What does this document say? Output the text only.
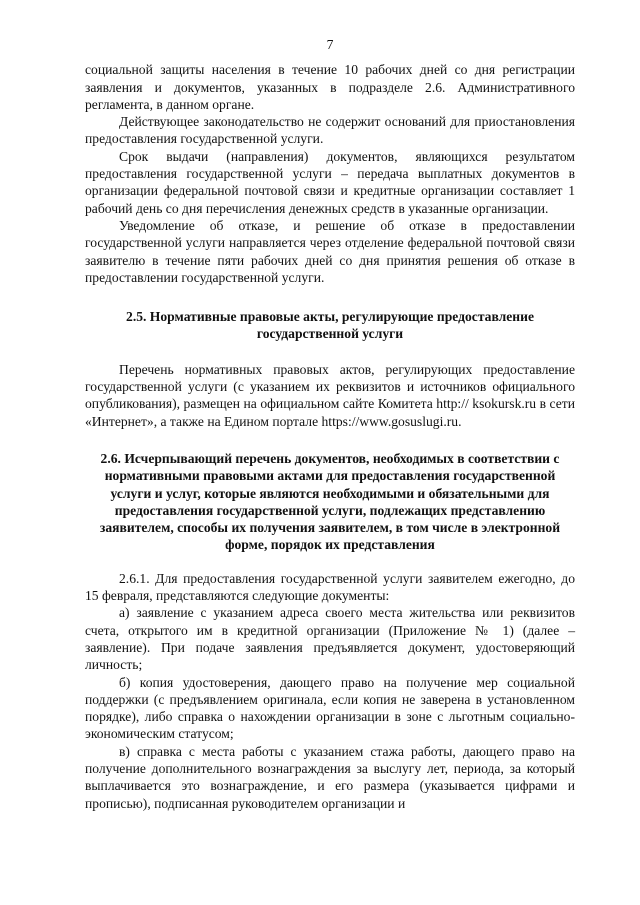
7

социальной защиты населения в течение 10 рабочих дней со дня регистрации заявления и документов, указанных в подразделе 2.6. Административного регламента, в данном органе.

Действующее законодательство не содержит оснований для приостановления предоставления государственной услуги.

Срок выдачи (направления) документов, являющихся результатом предоставления государственной услуги – передача выплатных документов в организации федеральной почтовой связи и кредитные организации составляет 1 рабочий день со дня перечисления денежных средств в указанные организации.

Уведомление об отказе, и решение об отказе в предоставлении государственной услуги направляется через отделение федеральной почтовой связи заявителю в течение пяти рабочих дней со дня принятия решения об отказе в предоставлении государственной услуги.

2.5. Нормативные правовые акты, регулирующие предоставление государственной услуги

Перечень нормативных правовых актов, регулирующих предоставление государственной услуги (с указанием их реквизитов и источников официального опубликования), размещен на официальном сайте Комитета http:// ksokursk.ru в сети «Интернет», а также на Едином портале https://www.gosuslugi.ru.

2.6. Исчерпывающий перечень документов, необходимых в соответствии с нормативными правовыми актами для предоставления государственной услуги и услуг, которые являются необходимыми и обязательными для предоставления государственной услуги, подлежащих представлению заявителем, способы их получения заявителем, в том числе в электронной форме, порядок их представления

2.6.1. Для предоставления государственной услуги заявителем ежегодно, до 15 февраля, представляются следующие документы:

а) заявление с указанием адреса своего места жительства или реквизитов счета, открытого им в кредитной организации (Приложение № 1) (далее – заявление). При подаче заявления предъявляется документ, удостоверяющий личность;

б) копия удостоверения, дающего право на получение мер социальной поддержки (с предъявлением оригинала, если копия не заверена в установленном порядке), либо справка о нахождении организации в зоне с льготным социально-экономическим статусом;

в) справка с места работы с указанием стажа работы, дающего право на получение дополнительного вознаграждения за выслугу лет, периода, за который выплачивается это вознаграждение, и его размера (указывается цифрами и прописью), подписанная руководителем организации и
